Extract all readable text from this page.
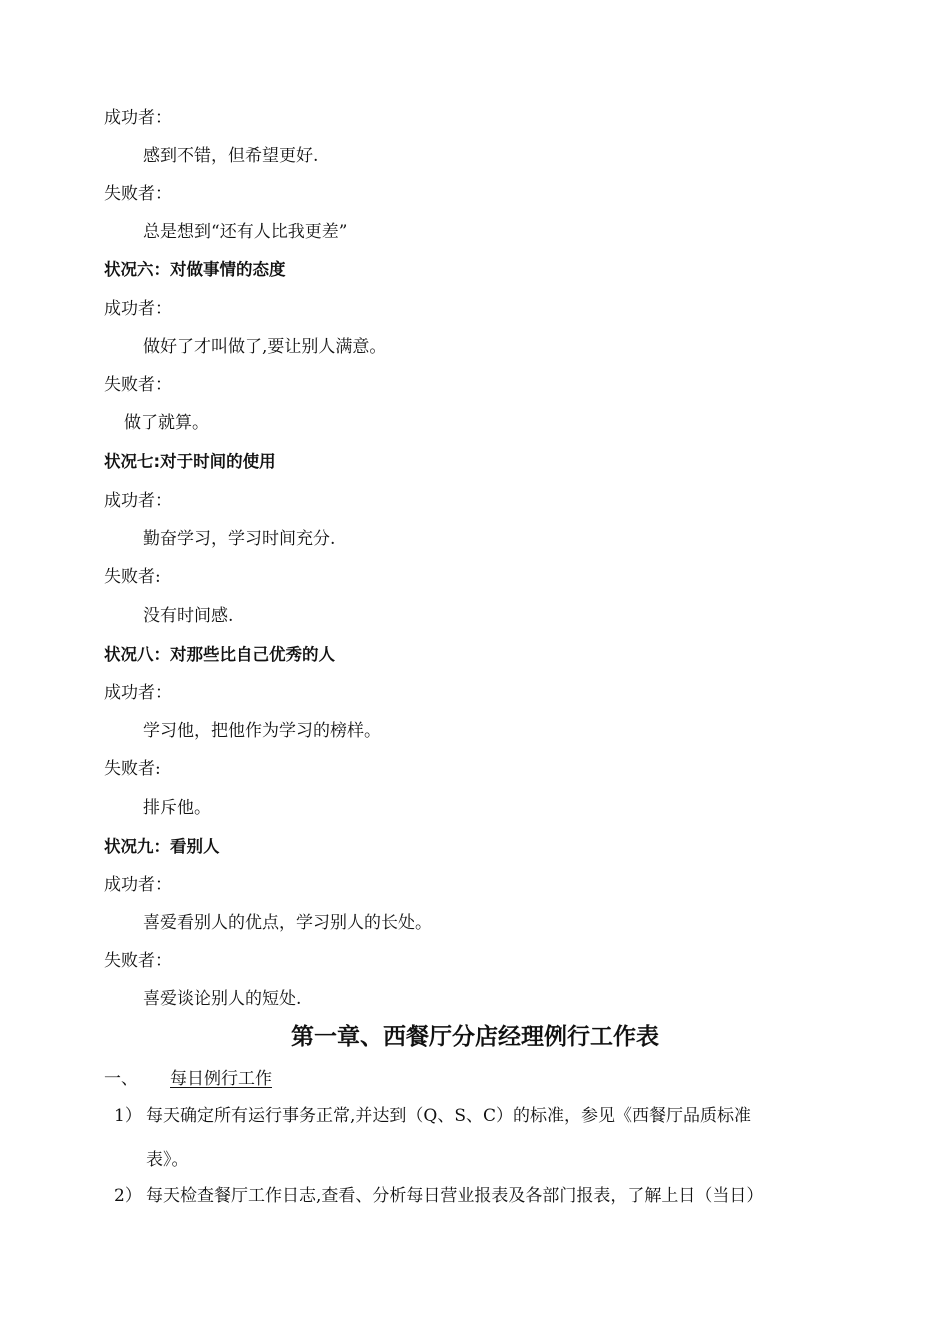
成功者：
感到不错，但希望更好.
失败者：
总是想到“还有人比我更差”
状况六：对做事情的态度
成功者：
做好了才叫做了,要让别人满意。
失败者：
做了就算。
状况七:对于时间的使用
成功者：
勤奋学习，学习时间充分.
失败者:
没有时间感.
状况八：对那些比自己优秀的人
成功者：
学习他，把他作为学习的榜样。
失败者:
排斥他。
状况九：看别人
成功者：
喜爱看别人的优点，学习别人的长处。
失败者：
喜爱谈论别人的短处.
第一章、西餐厅分店经理例行工作表
一、 每日例行工作
1） 每天确定所有运行事务正常,并达到（Q、S、C）的标准，参见《西餐厅品质标准
表》。
2） 每天检查餐厅工作日志,查看、分析每日营业报表及各部门报表，了解上日（当日）
